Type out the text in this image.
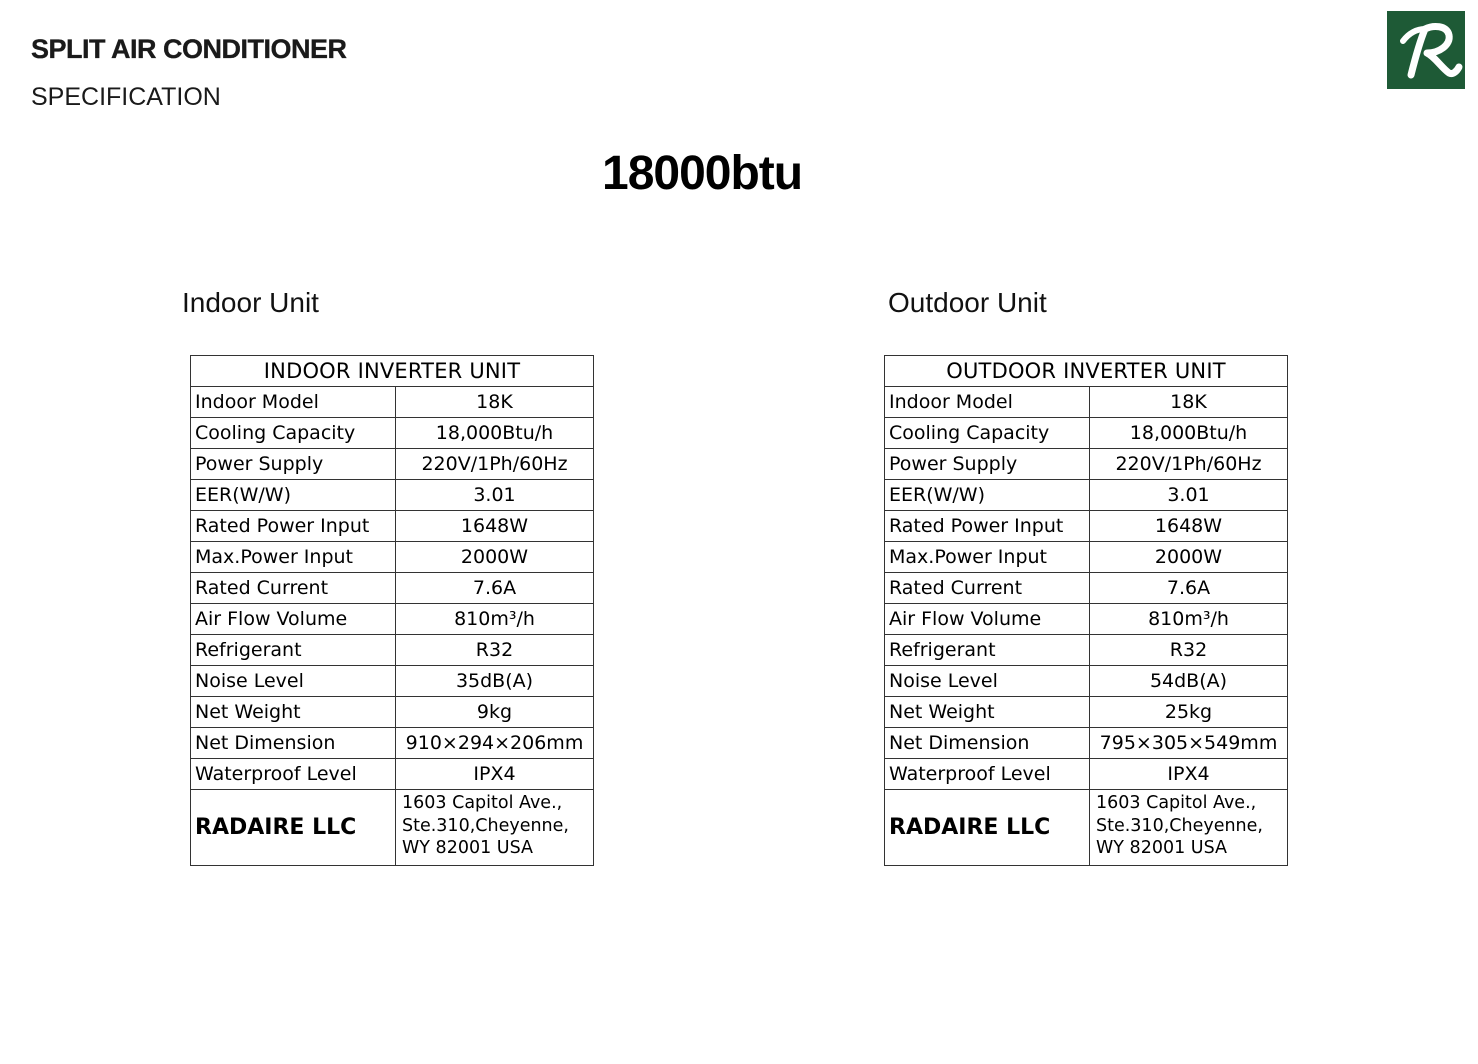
SPLIT AIR CONDITIONER
SPECIFICATION
18000btu
Indoor Unit	Outdoor Unit
INDOOR INVERTER UNIT	
Indoor Model	18K
Cooling Capacity	18,000Btu/h
Power Supply	220V/1Ph/60Hz
EER(W/W)	3.01
Rated Power Input	1648W
Max.Power Input	2000W
Rated Current	7.6A
Air Flow Volume	810m³/h
Refrigerant	R32
Noise Level	35dB(A)
Net Weight	9kg
Net Dimension	910×294×206mm
Waterproof Level	IPX4
RADAIRE LLC	1603 Capitol Ave.,
Ste.310,Cheyenne,
WY 82001 USA
OUTDOOR INVERTER UNIT	
Indoor Model	18K
Cooling Capacity	18,000Btu/h
Power Supply	220V/1Ph/60Hz
EER(W/W)	3.01
Rated Power Input	1648W
Max.Power Input	2000W
Rated Current	7.6A
Air Flow Volume	810m³/h
Refrigerant	R32
Noise Level	54dB(A)
Net Weight	25kg
Net Dimension	795×305×549mm
Waterproof Level	IPX4
RADAIRE LLC	1603 Capitol Ave.,
Ste.310,Cheyenne,
WY 82001 USA
